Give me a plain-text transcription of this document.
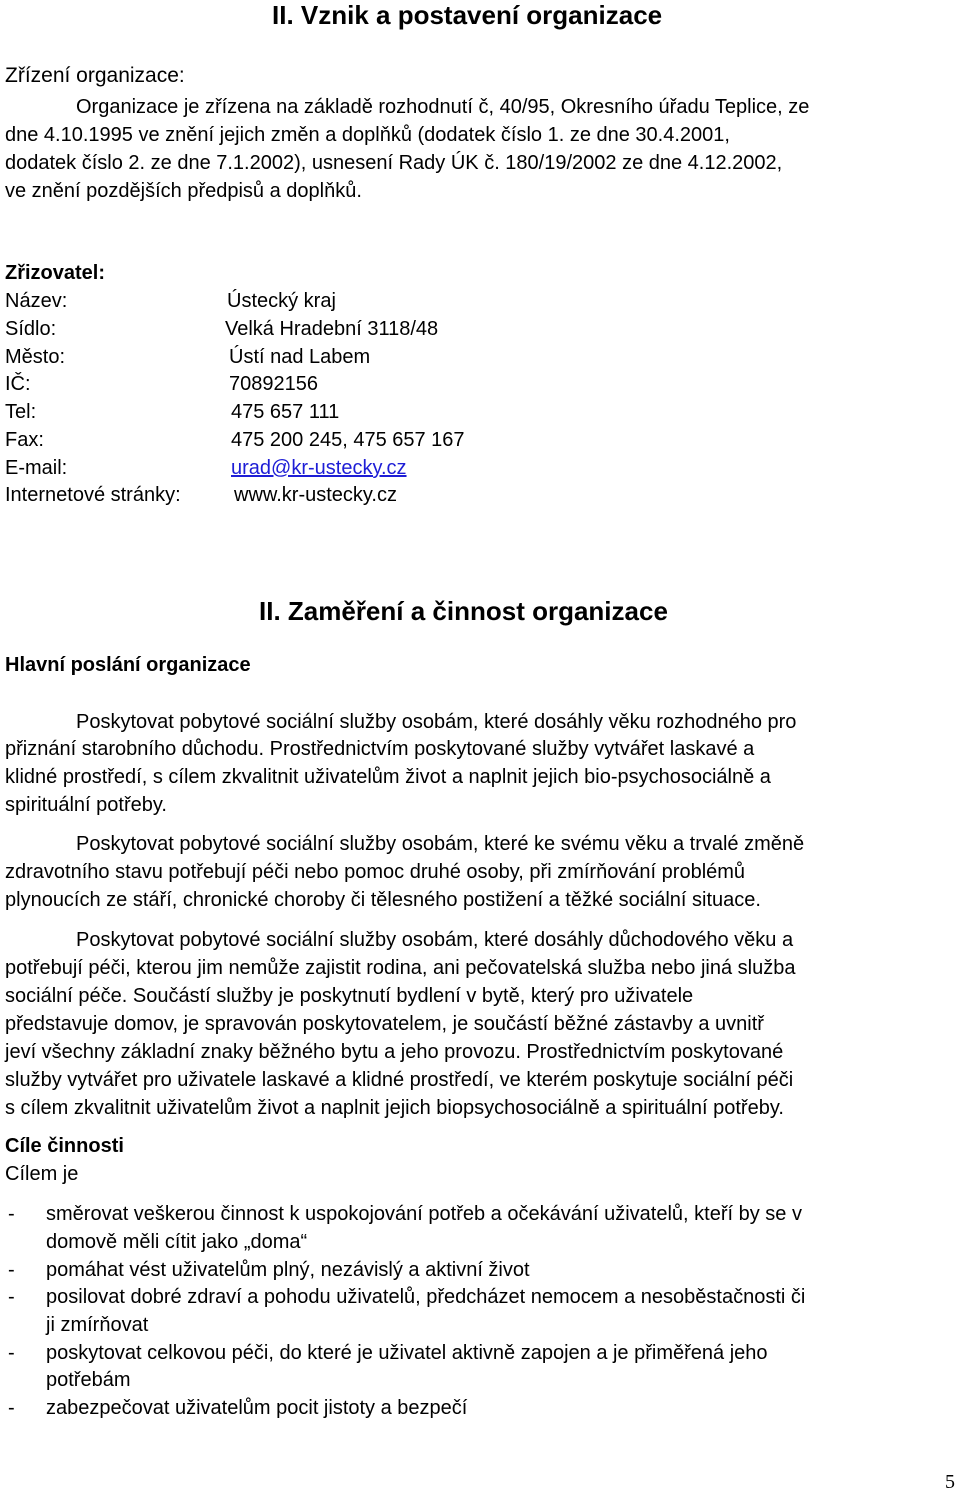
II. Vznik a postavení organizace
Zřízení organizace:
Organizace je zřízena na základě rozhodnutí č, 40/95, Okresního úřadu Teplice, ze
dne 4.10.1995 ve znění jejich změn a doplňků (dodatek číslo 1. ze dne 30.4.2001,
dodatek číslo 2. ze dne 7.1.2002), usnesení Rady ÚK č. 180/19/2002 ze dne 4.12.2002,
ve znění pozdějších předpisů a doplňků.
Zřizovatel:
Název:	Ústecký kraj
Sídlo:	Velká Hradební 3118/48
Město:	Ústí nad Labem
IČ:	70892156
Tel:	475 657 111
Fax:	475 200 245, 475 657 167
E-mail:	urad@kr-ustecky.cz
Internetové stránky:	www.kr-ustecky.cz
II. Zaměření a činnost organizace
Hlavní poslání organizace
Poskytovat pobytové sociální služby osobám, které dosáhly věku rozhodného pro
přiznání starobního důchodu. Prostřednictvím poskytované služby vytvářet laskavé a
klidné prostředí, s cílem zkvalitnit uživatelům život a naplnit jejich bio-psychosociálně a
spirituální potřeby.
Poskytovat pobytové sociální služby osobám, které ke svému věku a trvalé změně
zdravotního stavu potřebují péči nebo pomoc druhé osoby, při zmírňování problémů
plynoucích ze stáří, chronické choroby či tělesného postižení a těžké sociální situace.
Poskytovat pobytové sociální služby osobám, které dosáhly důchodového věku a
potřebují péči, kterou jim nemůže zajistit rodina, ani pečovatelská služba nebo jiná služba
sociální péče. Součástí služby je poskytnutí bydlení v bytě, který pro uživatele
představuje domov, je spravován poskytovatelem, je součástí běžné zástavby a uvnitř
jeví všechny základní znaky běžného bytu a jeho provozu. Prostřednictvím poskytované
služby vytvářet pro uživatele laskavé a klidné prostředí, ve kterém poskytuje sociální péči
s cílem zkvalitnit uživatelům život a naplnit jejich biopsychosociálně a spirituální potřeby.
Cíle činnosti
Cílem je
- směrovat veškerou činnost k uspokojování potřeb a očekávání uživatelů, kteří by se v
domově měli cítit jako „doma“
- pomáhat vést uživatelům plný, nezávislý a aktivní život
- posilovat dobré zdraví a pohodu uživatelů, předcházet nemocem a nesoběstačnosti či
ji zmírňovat
- poskytovat celkovou péči, do které je uživatel aktivně zapojen a je přiměřená jeho
potřebám
- zabezpečovat uživatelům pocit jistoty a bezpečí
5
